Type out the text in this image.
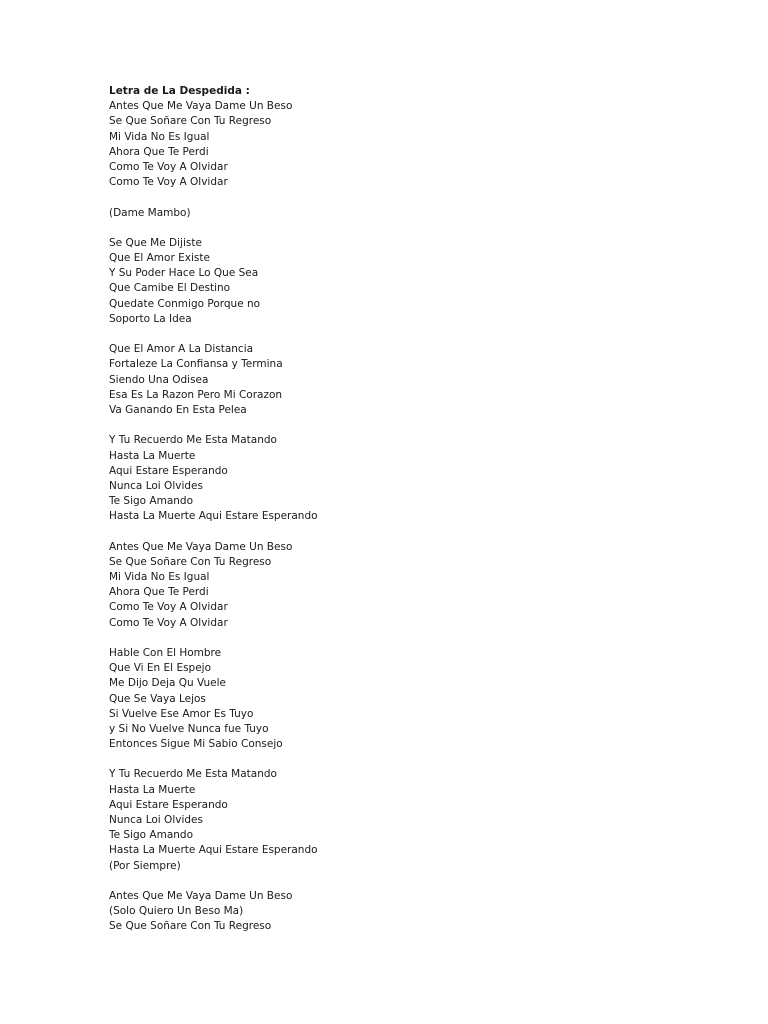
Letra de La Despedida :
Antes Que Me Vaya Dame Un Beso
Se Que Soñare Con Tu Regreso
Mi Vida No Es Igual
Ahora Que Te Perdi
Como Te Voy A Olvidar
Como Te Voy A Olvidar
(Dame Mambo)
Se Que Me Dijiste
Que El Amor Existe
Y Su Poder Hace Lo Que Sea
Que Camibe El Destino
Quedate Conmigo Porque no
Soporto La Idea
Que El Amor A La Distancia
Fortaleze La Confiansa y Termina
Siendo Una Odisea
Esa Es La Razon Pero Mi Corazon
Va Ganando En Esta Pelea
Y Tu Recuerdo Me Esta Matando
Hasta La Muerte
Aqui Estare Esperando
Nunca Loi Olvides
Te Sigo Amando
Hasta La Muerte Aqui Estare Esperando
Antes Que Me Vaya Dame Un Beso
Se Que Soñare Con Tu Regreso
Mi Vida No Es Igual
Ahora Que Te Perdi
Como Te Voy A Olvidar
Como Te Voy A Olvidar
Hable Con El Hombre
Que Vi En El Espejo
Me Dijo Deja Qu Vuele
Que Se Vaya Lejos
Si Vuelve Ese Amor Es Tuyo
y Si No Vuelve Nunca fue Tuyo
Entonces Sigue Mi Sabio Consejo
Y Tu Recuerdo Me Esta Matando
Hasta La Muerte
Aqui Estare Esperando
Nunca Loi Olvides
Te Sigo Amando
Hasta La Muerte Aqui Estare Esperando
(Por Siempre)
Antes Que Me Vaya Dame Un Beso
(Solo Quiero Un Beso Ma)
Se Que Soñare Con Tu Regreso
